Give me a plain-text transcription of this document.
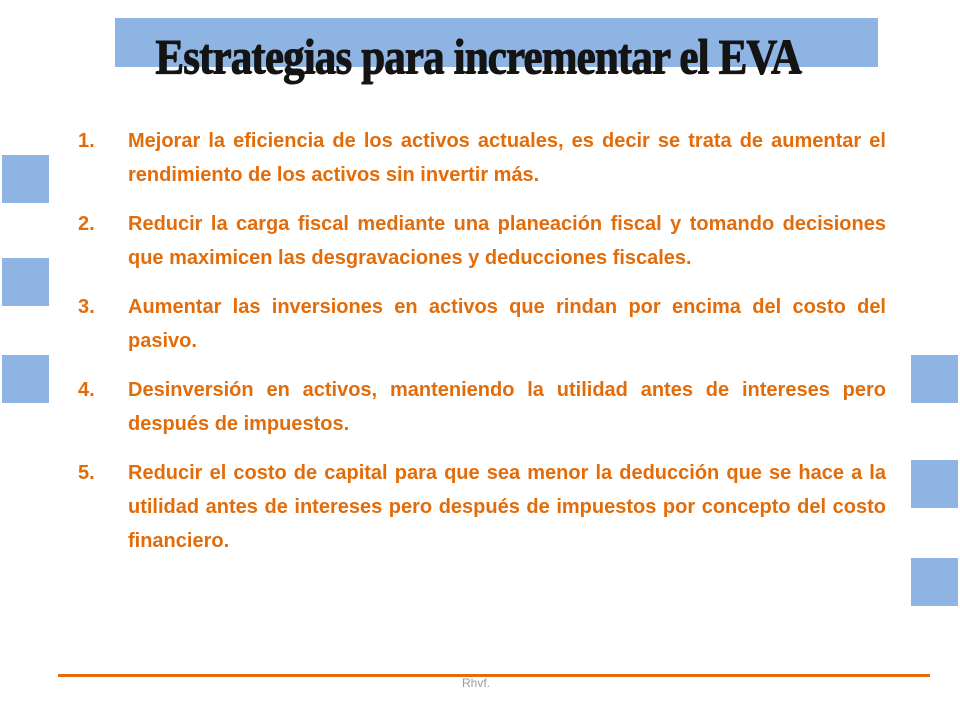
Estrategias para incrementar el EVA
1.	Mejorar la eficiencia de los activos actuales, es decir se trata de aumentar el rendimiento de los activos sin invertir más.
2.	Reducir la carga fiscal mediante una planeación fiscal y tomando decisiones que maximicen las desgravaciones y deducciones fiscales.
3.	Aumentar las inversiones en activos que rindan por encima del costo del pasivo.
4.	Desinversión en activos, manteniendo la utilidad antes de intereses pero después de impuestos.
5.	Reducir el costo de capital para que sea menor la deducción que se hace a la utilidad antes de intereses pero después de impuestos por concepto del costo financiero.
Rhvf.
